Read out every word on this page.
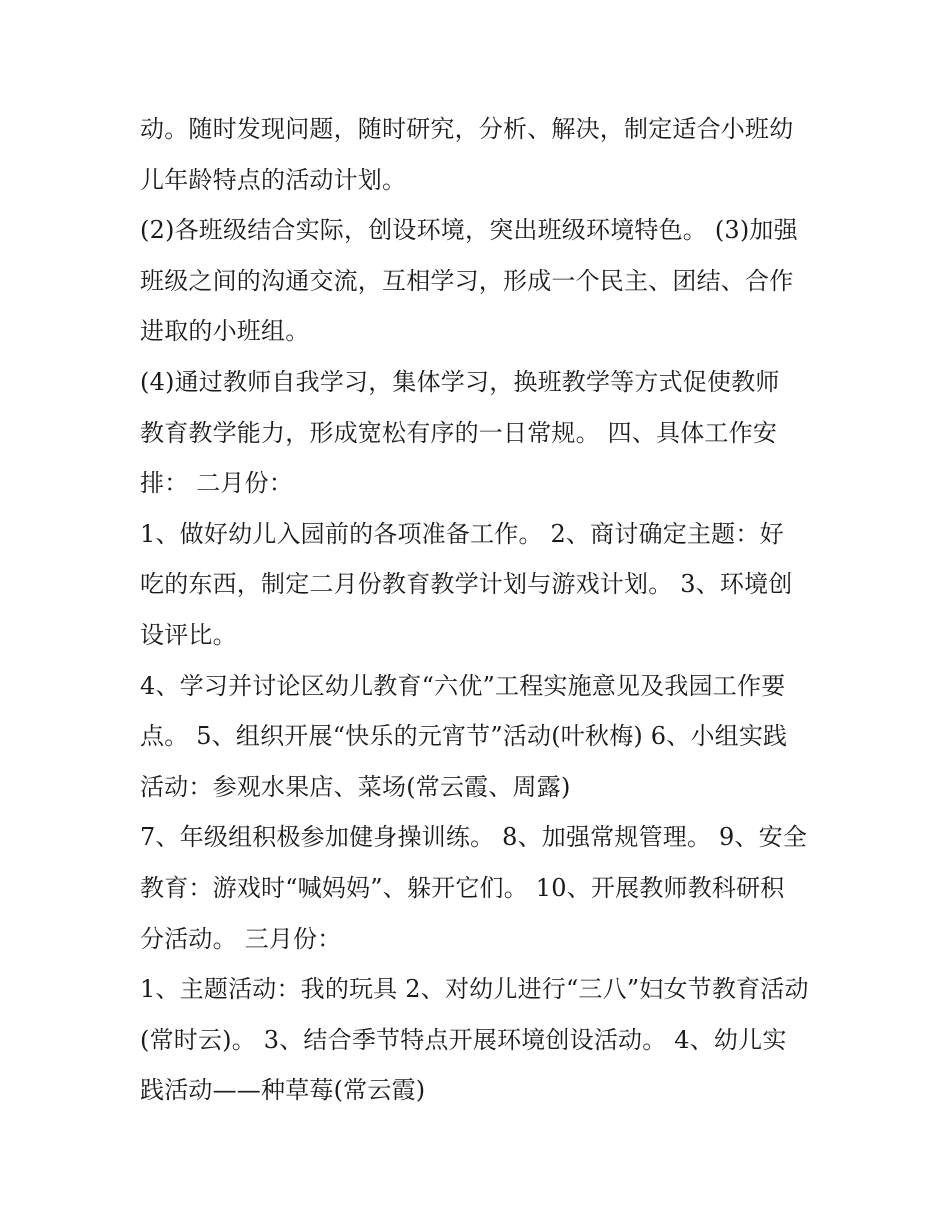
动。随时发现问题，随时研究，分析、解决，制定适合小班幼
儿年龄特点的活动计划。
(2)各班级结合实际，创设环境，突出班级环境特色。 (3)加强
班级之间的沟通交流，互相学习，形成一个民主、团结、合作
进取的小班组。
(4)通过教师自我学习，集体学习，换班教学等方式促使教师
教育教学能力，形成宽松有序的一日常规。 四、具体工作安
排： 二月份：
1、做好幼儿入园前的各项准备工作。 2、商讨确定主题：好
吃的东西，制定二月份教育教学计划与游戏计划。 3、环境创
设评比。
4、学习并讨论区幼儿教育“六优”工程实施意见及我园工作要
点。 5、组织开展“快乐的元宵节”活动(叶秋梅) 6、小组实践
活动：参观水果店、菜场(常云霞、周露)
7、年级组积极参加健身操训练。 8、加强常规管理。 9、安全
教育：游戏时“喊妈妈”、躲开它们。 10、开展教师教科研积
分活动。 三月份：
1、主题活动：我的玩具 2、对幼儿进行“三八”妇女节教育活动
(常时云)。 3、结合季节特点开展环境创设活动。 4、幼儿实
践活动——种草莓(常云霞)
